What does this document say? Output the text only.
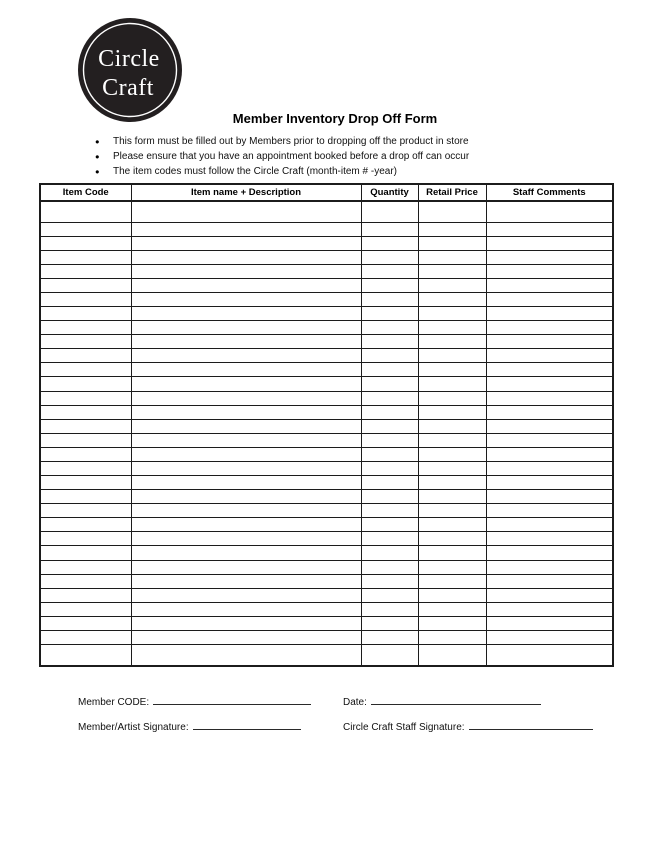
Circle
Craft
Member Inventory Drop Off Form
●	This form must be filled out by Members prior to dropping off the product in store
●	Please ensure that you have an appointment booked before a drop off can occur
●	The item codes must follow the Circle Craft (month-item # -year)
Item Code	Item name + Description	Quantity	Retail Price	Staff Comments

Member CODE:	Date:
Member/Artist Signature:	Circle Craft Staff Signature:
